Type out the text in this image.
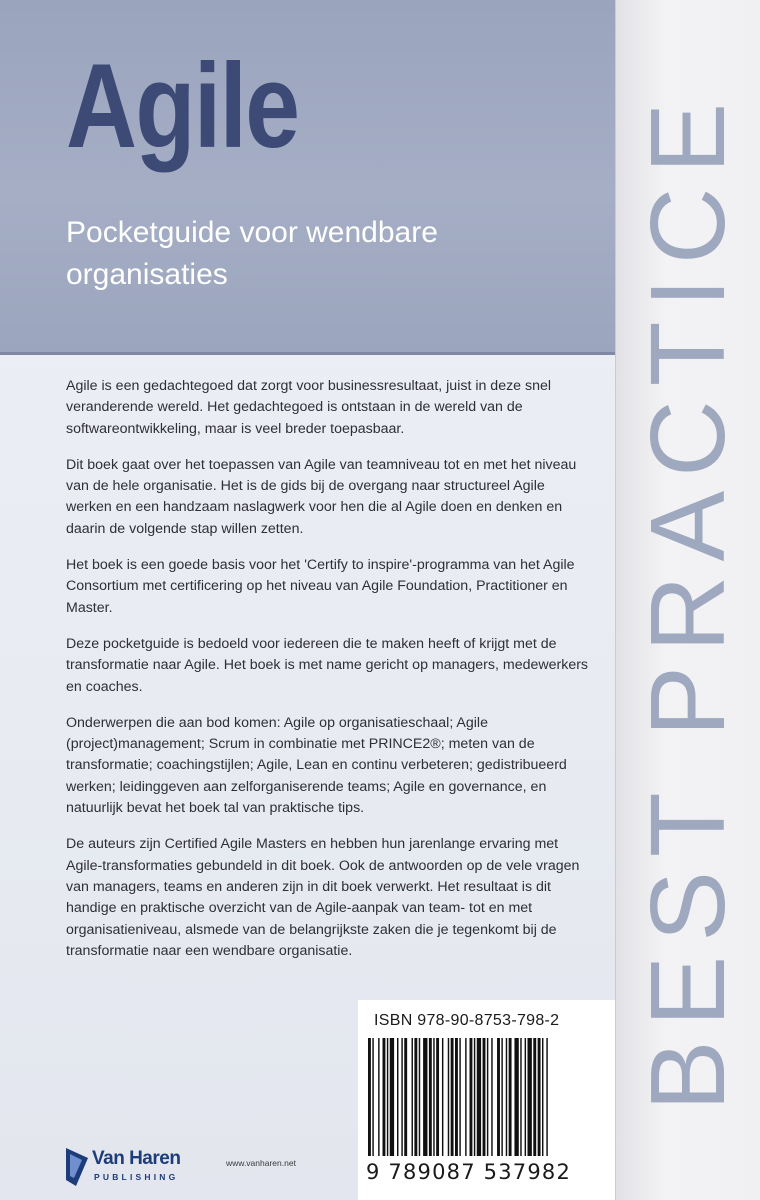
Agile
Pocketguide voor wendbare organisaties

Agile is een gedachtegoed dat zorgt voor businessresultaat, juist in deze snel veranderende wereld. Het gedachtegoed is ontstaan in de wereld van de softwareontwikkeling, maar is veel breder toepasbaar.

Dit boek gaat over het toepassen van Agile van teamniveau tot en met het niveau van de hele organisatie. Het is de gids bij de overgang naar structureel Agile werken en een handzaam naslagwerk voor hen die al Agile doen en denken en daarin de volgende stap willen zetten.

Het boek is een goede basis voor het 'Certify to inspire'-programma van het Agile Consortium met certificering op het niveau van Agile Foundation, Practitioner en Master.

Deze pocketguide is bedoeld voor iedereen die te maken heeft of krijgt met de transformatie naar Agile. Het boek is met name gericht op managers, medewerkers en coaches.

Onderwerpen die aan bod komen: Agile op organisatieschaal; Agile (project)management; Scrum in combinatie met PRINCE2®; meten van de transformatie; coachingstijlen; Agile, Lean en continu verbeteren; gedistribueerd werken; leidinggeven aan zelforganiserende teams; Agile en governance, en natuurlijk bevat het boek tal van praktische tips.

De auteurs zijn Certified Agile Masters en hebben hun jarenlange ervaring met Agile-transformaties gebundeld in dit boek. Ook de antwoorden op de vele vragen van managers, teams en anderen zijn in dit boek verwerkt. Het resultaat is dit handige en praktische overzicht van de Agile-aanpak van team- tot en met organisatieniveau, alsmede van de belangrijkste zaken die je tegenkomt bij de transformatie naar een wendbare organisatie.	BEST PRACTICE
ISBN 978-90-8753-798-2
9 789087 537982
Van Haren
PUBLISHING
www.vanharen.net
